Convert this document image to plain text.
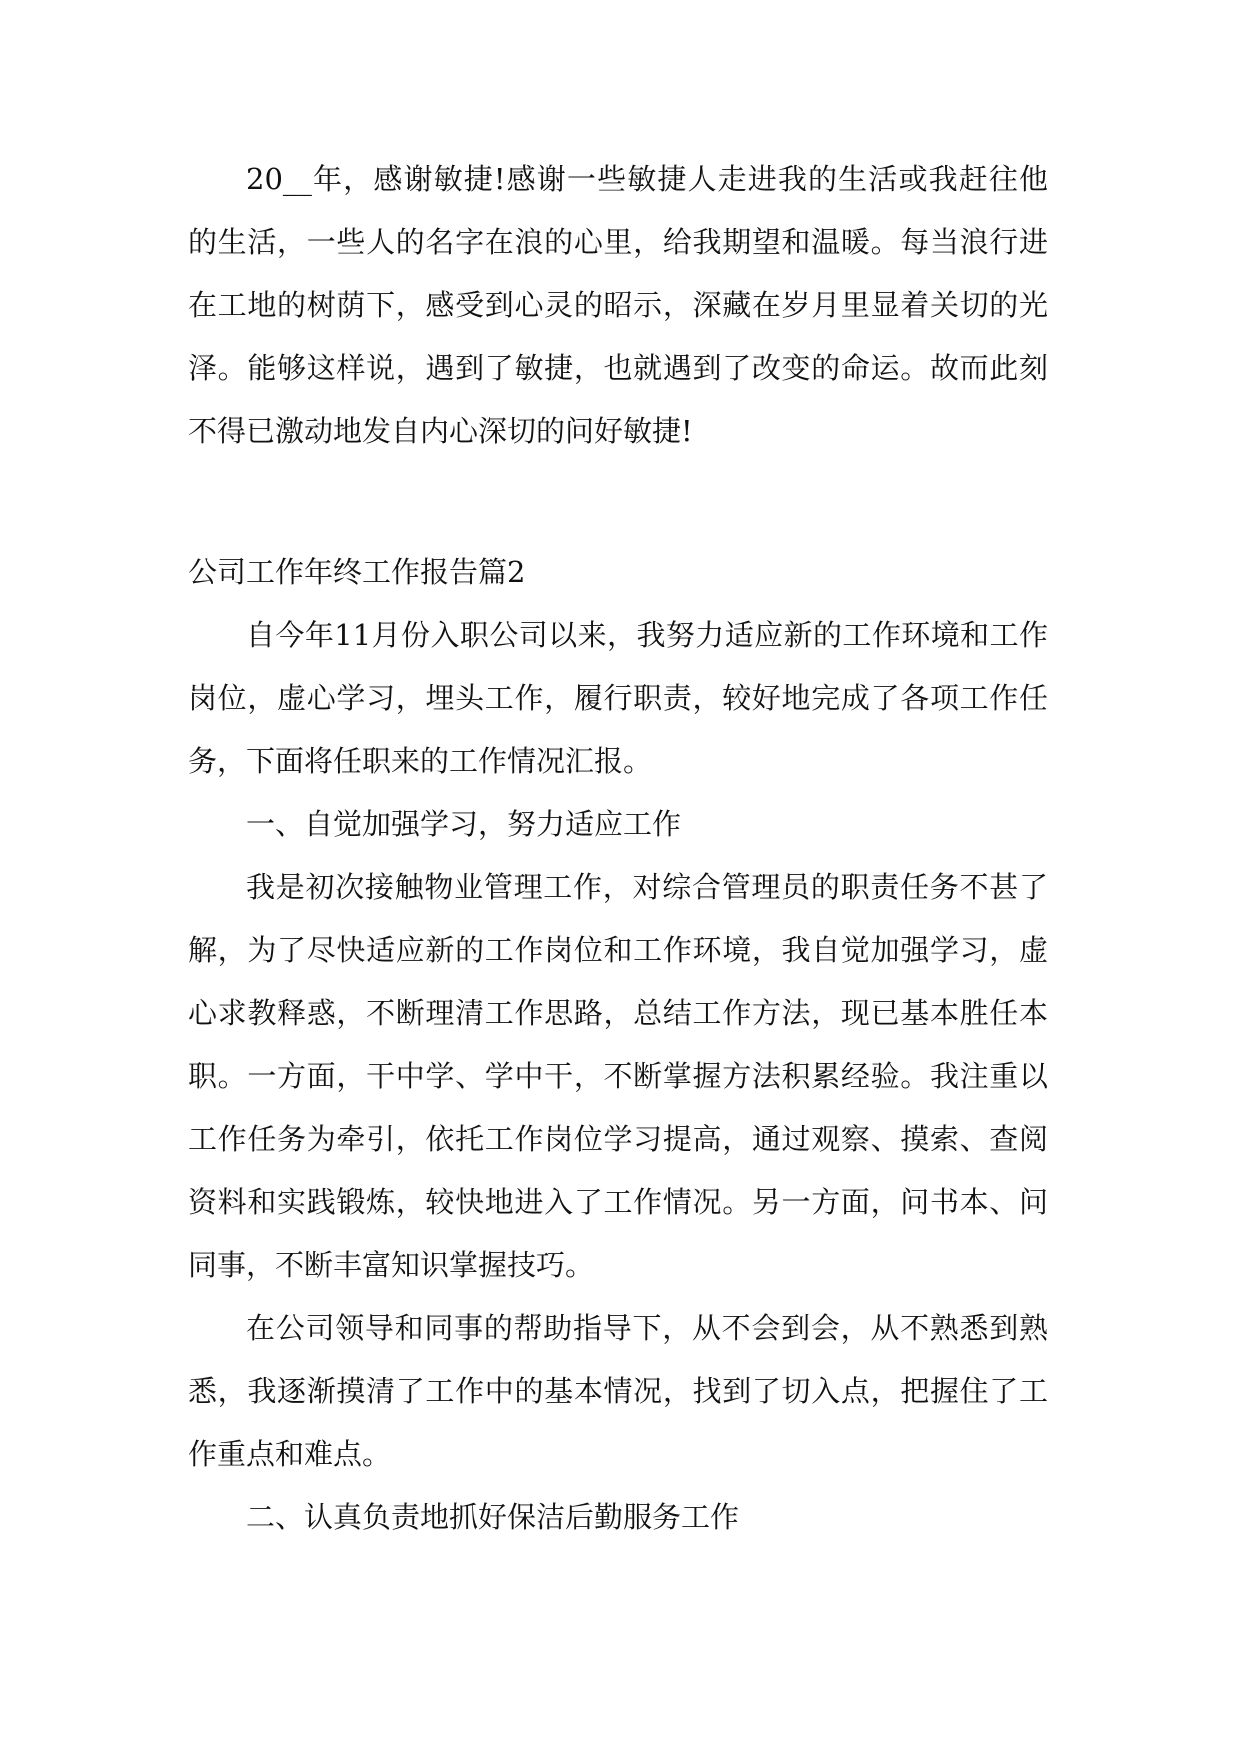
20__年，感谢敏捷!感谢一些敏捷人走进我的生活或我赶往他的生活，一些人的名字在浪的心里，给我期望和温暖。每当浪行进在工地的树荫下，感受到心灵的昭示，深藏在岁月里显着关切的光泽。能够这样说，遇到了敏捷，也就遇到了改变的命运。故而此刻不得已激动地发自内心深切的问好敏捷!

公司工作年终工作报告篇2

自今年11月份入职公司以来，我努力适应新的工作环境和工作岗位，虚心学习，埋头工作，履行职责，较好地完成了各项工作任务，下面将任职来的工作情况汇报。

一、自觉加强学习，努力适应工作

我是初次接触物业管理工作，对综合管理员的职责任务不甚了解，为了尽快适应新的工作岗位和工作环境，我自觉加强学习，虚心求教释惑，不断理清工作思路，总结工作方法，现已基本胜任本职。一方面，干中学、学中干，不断掌握方法积累经验。我注重以工作任务为牵引，依托工作岗位学习提高，通过观察、摸索、查阅资料和实践锻炼，较快地进入了工作情况。另一方面，问书本、问同事，不断丰富知识掌握技巧。

在公司领导和同事的帮助指导下，从不会到会，从不熟悉到熟悉，我逐渐摸清了工作中的基本情况，找到了切入点，把握住了工作重点和难点。

二、认真负责地抓好保洁后勤服务工作
